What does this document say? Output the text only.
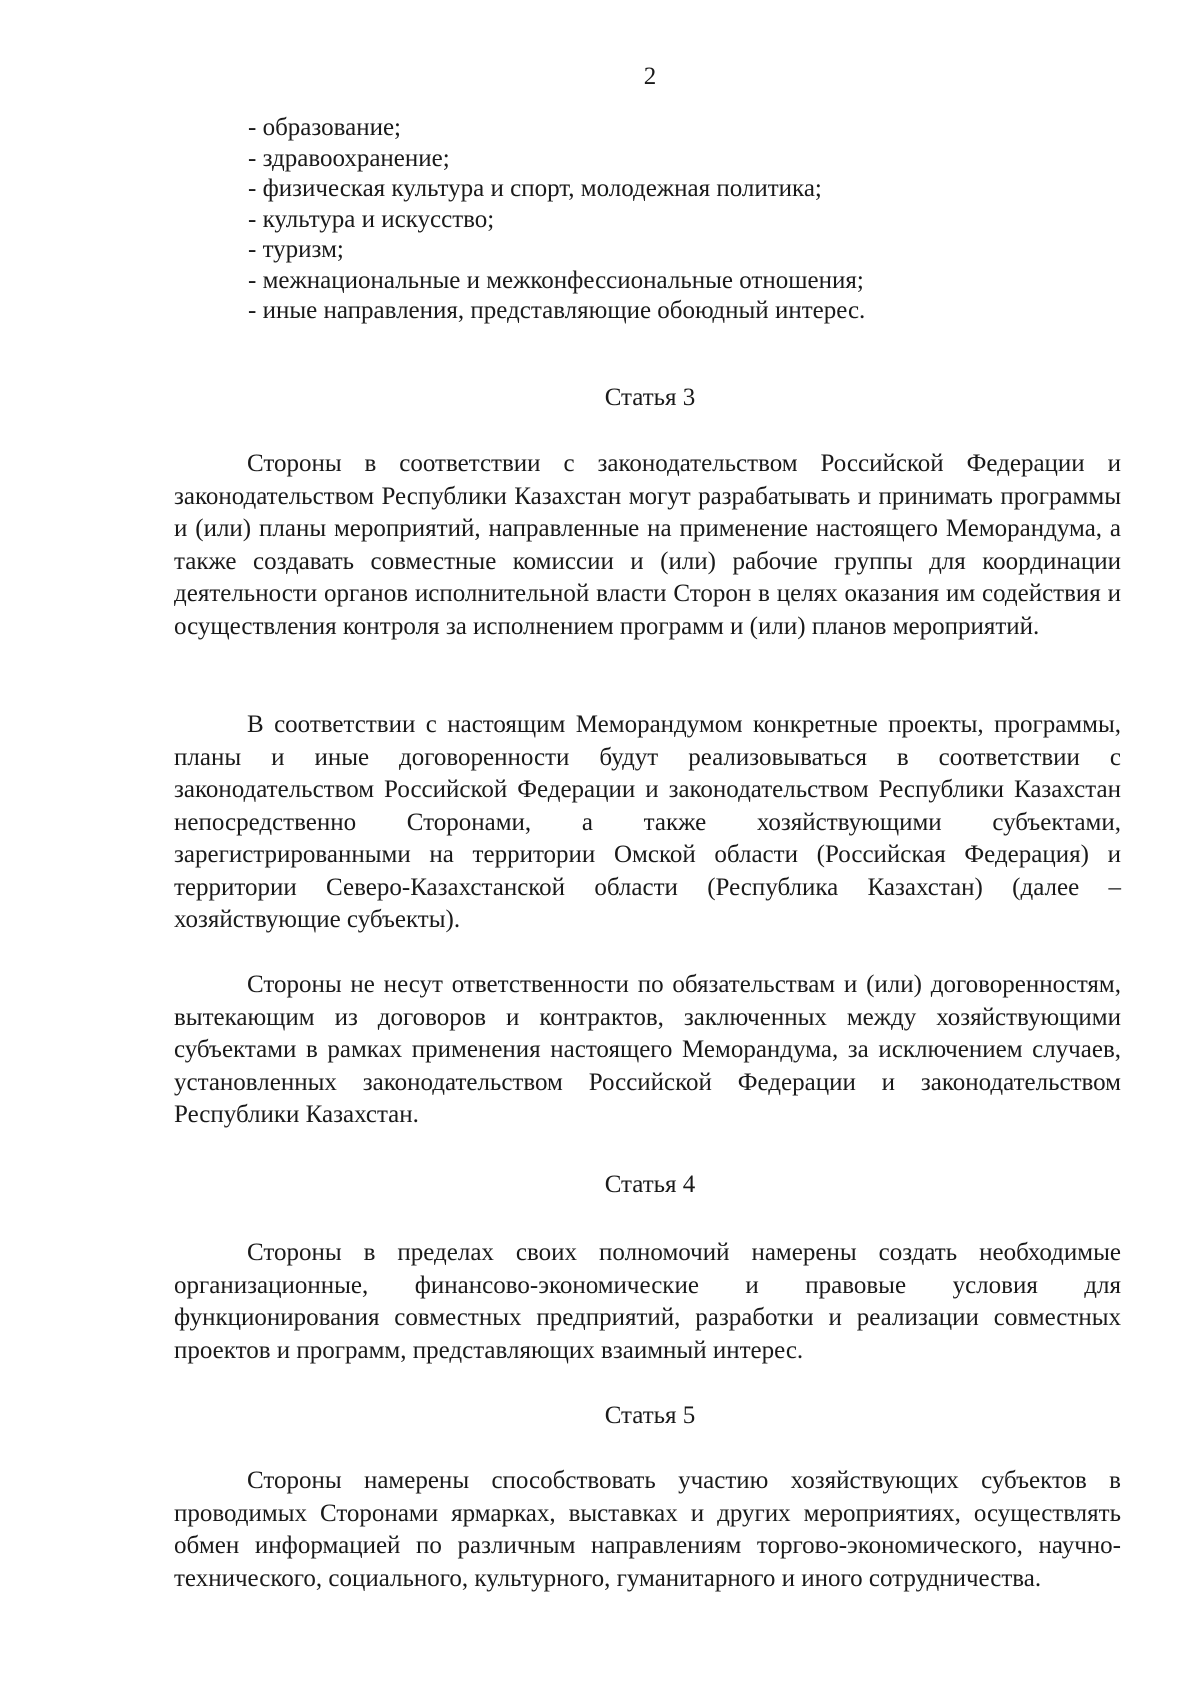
2
- образование;
- здравоохранение;
- физическая культура и спорт, молодежная политика;
- культура и искусство;
- туризм;
- межнациональные и межконфессиональные отношения;
- иные направления, представляющие обоюдный интерес.
Статья 3

Стороны в соответствии с законодательством Российской Федерации и законодательством Республики Казахстан могут разрабатывать и принимать программы и (или) планы мероприятий, направленные на применение настоящего Меморандума, а также создавать совместные комиссии и (или) рабочие группы для координации деятельности органов исполнительной власти Сторон в целях оказания им содействия и осуществления контроля за исполнением программ и (или) планов мероприятий.

В соответствии с настоящим Меморандумом конкретные проекты, программы, планы и иные договоренности будут реализовываться в соответствии с законодательством Российской Федерации и законодательством Республики Казахстан непосредственно Сторонами, а также хозяйствующими субъектами, зарегистрированными на территории Омской области (Российская Федерация) и территории Северо-Казахстанской области (Республика Казахстан) (далее – хозяйствующие субъекты).

Стороны не несут ответственности по обязательствам и (или) договоренностям, вытекающим из договоров и контрактов, заключенных между хозяйствующими субъектами в рамках применения настоящего Меморандума, за исключением случаев, установленных законодательством Российской Федерации и законодательством Республики Казахстан.

Статья 4

Стороны в пределах своих полномочий намерены создать необходимые организационные, финансово-экономические и правовые условия для функционирования совместных предприятий, разработки и реализации совместных проектов и программ, представляющих взаимный интерес.

Статья 5

Стороны намерены способствовать участию хозяйствующих субъектов в проводимых Сторонами ярмарках, выставках и других мероприятиях, осуществлять обмен информацией по различным направлениям торгово-экономического, научно-технического, социального, культурного, гуманитарного и иного сотрудничества.
